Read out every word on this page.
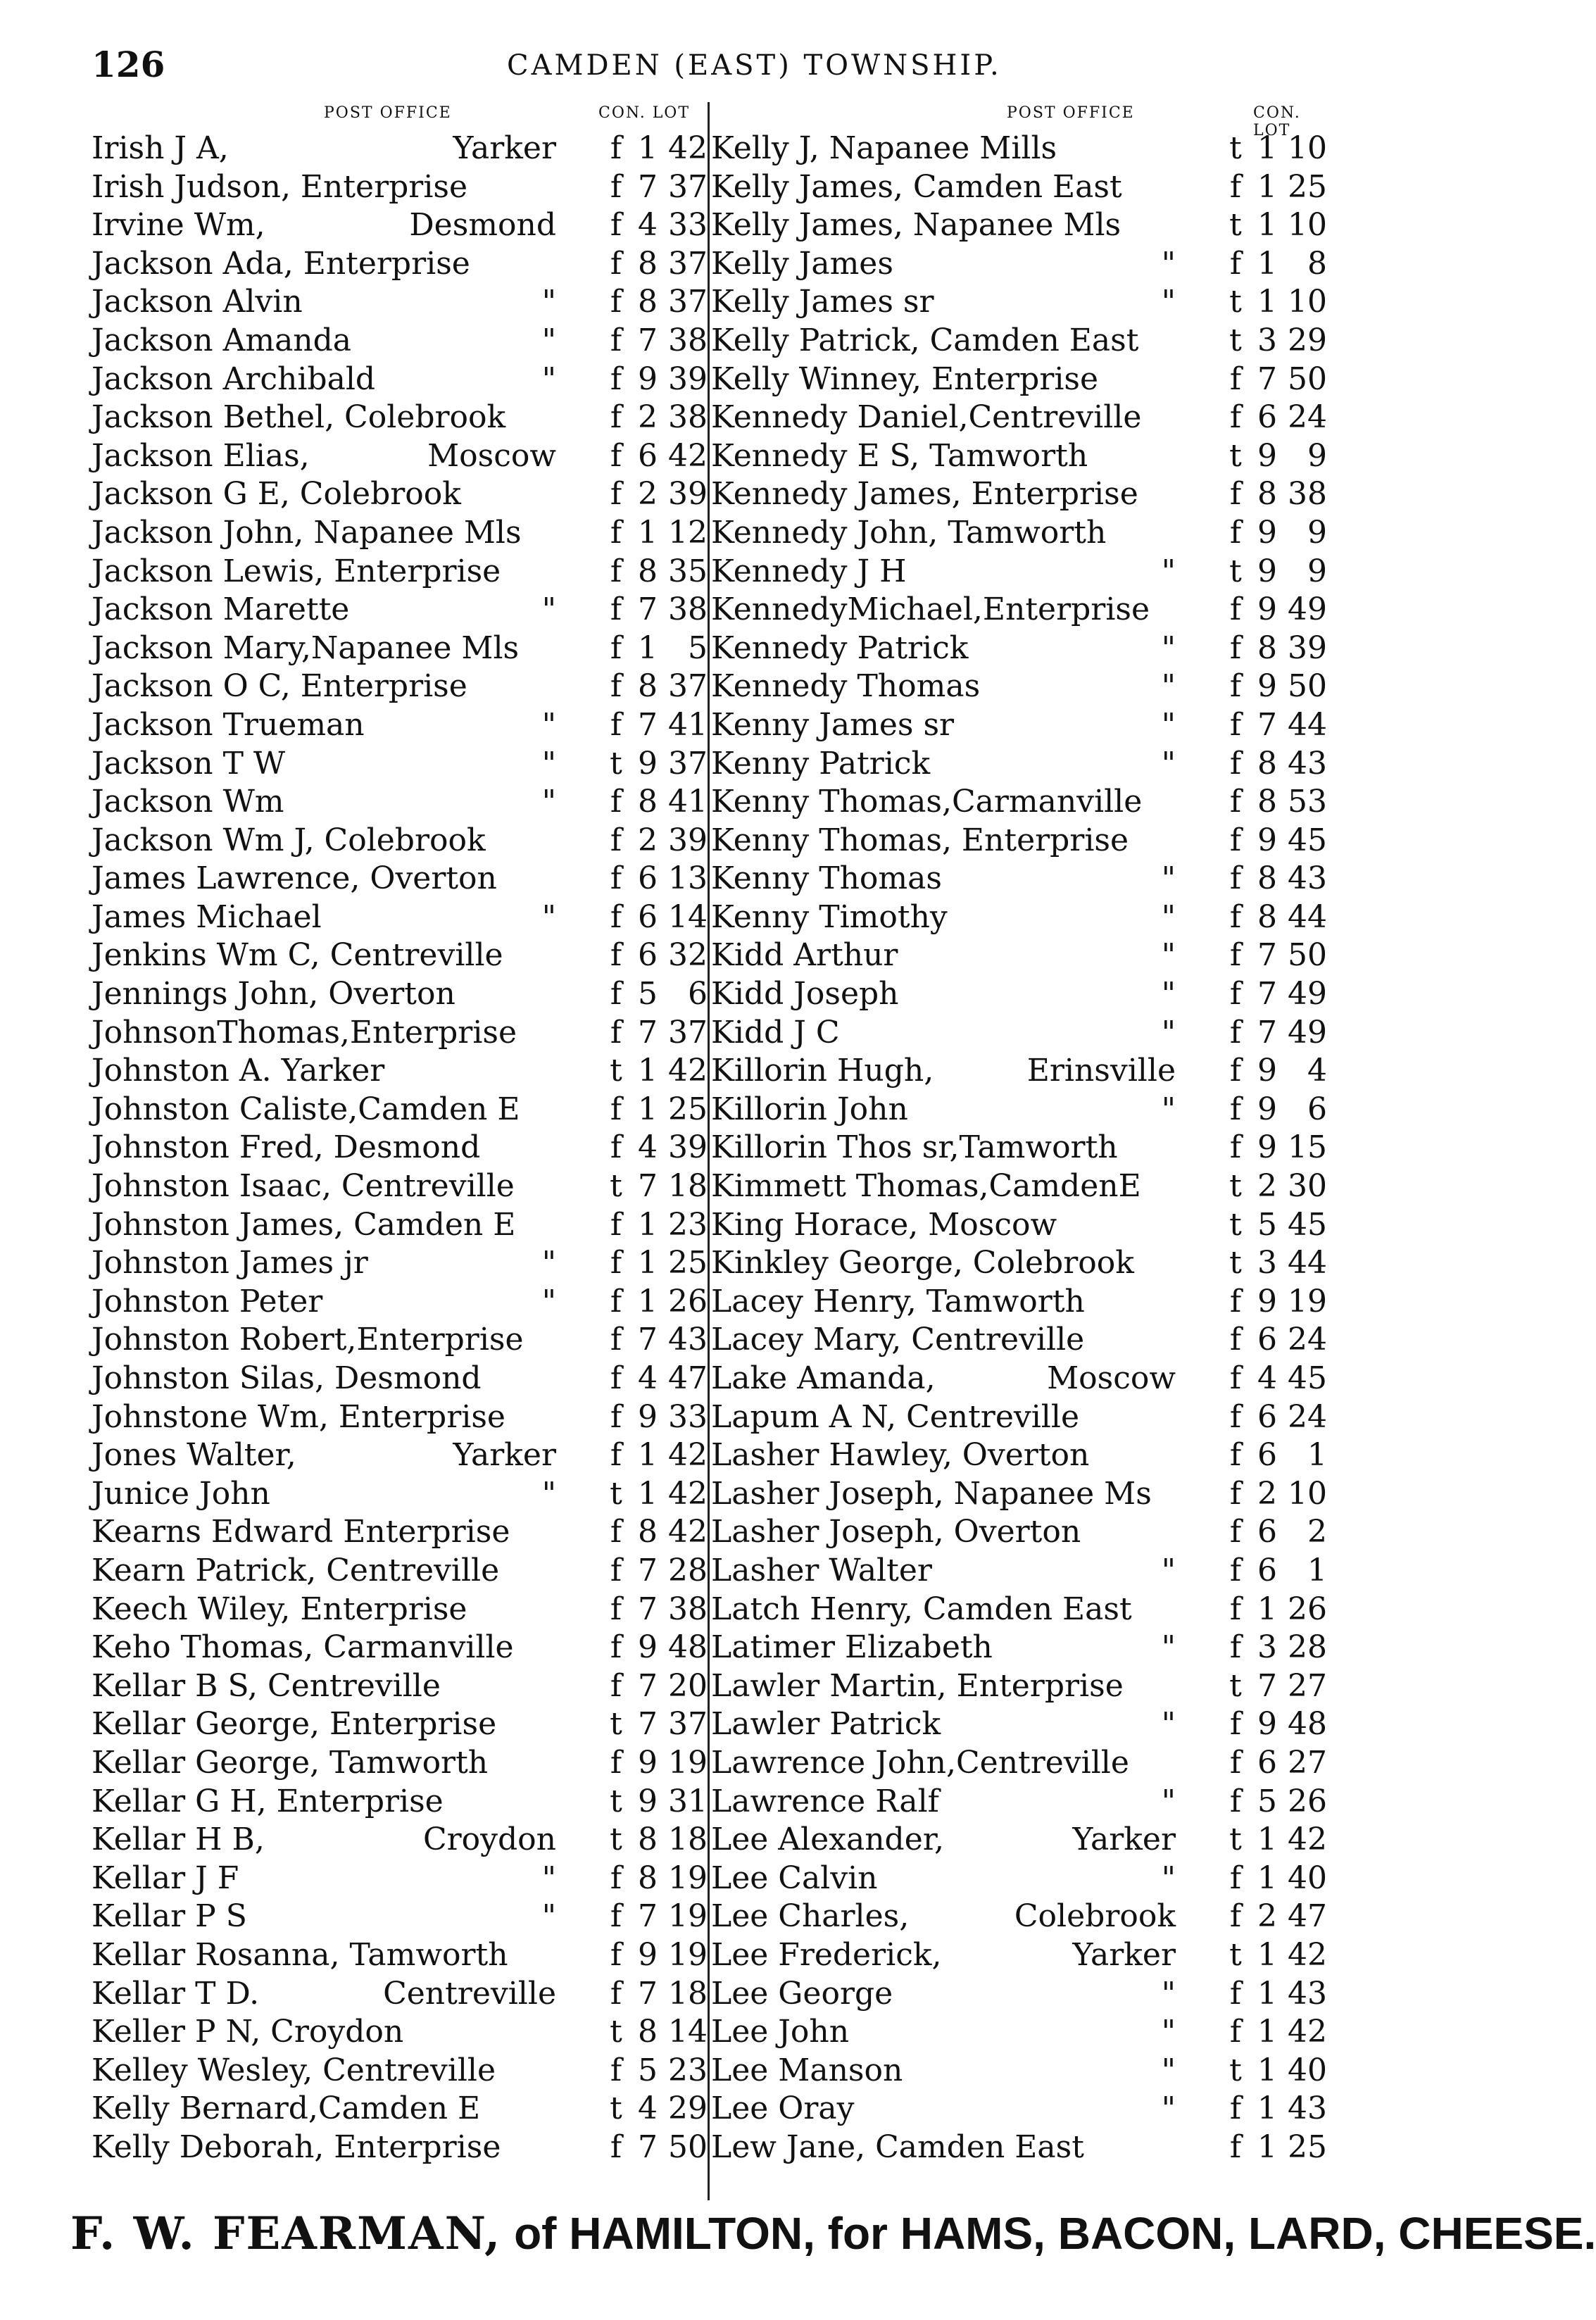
126	CAMDEN (EAST) TOWNSHIP.
POST OFFICE	CON. LOT
Irish J A,	Yarker f 1 42
Irish Judson, Enterprise	f 7 37
Irvine Wm,	Desmond f 4 33
Jackson Ada, Enterprise	f 8 37
Jackson Alvin	" f 8 37
Jackson Amanda	" f 7 38
Jackson Archibald	" f 9 39
Jackson Bethel, Colebrook	f 2 38
Jackson Elias,	Moscow f 6 42
Jackson G E, Colebrook	f 2 39
Jackson John, Napanee Mls	f 1 12
Jackson Lewis, Enterprise	f 8 35
Jackson Marette	" f 7 38
Jackson Mary,Napanee Mls	f 1 5
Jackson O C, Enterprise	f 8 37
Jackson Trueman	" f 7 41
Jackson T W	" t 9 37
Jackson Wm	" f 8 41
Jackson Wm J, Colebrook	f 2 39
James Lawrence, Overton	f 6 13
James Michael	" f 6 14
Jenkins Wm C, Centreville	f 6 32
Jennings John, Overton	f 5 6
JohnsonThomas,Enterprise	f 7 37
Johnston A. Yarker	t 1 42
Johnston Caliste,Camden E	f 1 25
Johnston Fred, Desmond	f 4 39
Johnston Isaac, Centreville	t 7 18
Johnston James, Camden E	f 1 23
Johnston James jr	" f 1 25
Johnston Peter	" f 1 26
Johnston Robert,Enterprise	f 7 43
Johnston Silas, Desmond	f 4 47
Johnstone Wm, Enterprise	f 9 33
Jones Walter,	Yarker f 1 42
Junice John	" t 1 42
Kearns Edward Enterprise	f 8 42
Kearn Patrick, Centreville	f 7 28
Keech Wiley, Enterprise	f 7 38
Keho Thomas, Carmanville	f 9 48
Kellar B S, Centreville	f 7 20
Kellar George, Enterprise	t 7 37
Kellar George, Tamworth	f 9 19
Kellar G H, Enterprise	t 9 31
Kellar H B,	Croydon t 8 18
Kellar J F	" f 8 19
Kellar P S	" f 7 19
Kellar Rosanna, Tamworth	f 9 19
Kellar T D.	Centreville f 7 18
Keller P N, Croydon	t 8 14
Kelley Wesley, Centreville	f 5 23
Kelly Bernard,Camden E	t 4 29
Kelly Deborah, Enterprise	f 7 50
POST OFFICE	CON. LOT
Kelly J, Napanee Mills	t 1 10
Kelly James, Camden East	f 1 25
Kelly James, Napanee Mls	t 1 10
Kelly James	" f 1 8
Kelly James sr	" t 1 10
Kelly Patrick, Camden East	t 3 29
Kelly Winney, Enterprise	f 7 50
Kennedy Daniel,Centreville	f 6 24
Kennedy E S, Tamworth	t 9 9
Kennedy James, Enterprise	f 8 38
Kennedy John, Tamworth	f 9 9
Kennedy J H	" t 9 9
KennedyMichael,Enterprise	f 9 49
Kennedy Patrick	" f 8 39
Kennedy Thomas	" f 9 50
Kenny James sr	" f 7 44
Kenny Patrick	" f 8 43
Kenny Thomas,Carmanville	f 8 53
Kenny Thomas, Enterprise	f 9 45
Kenny Thomas	" f 8 43
Kenny Timothy	" f 8 44
Kidd Arthur	" f 7 50
Kidd Joseph	" f 7 49
Kidd J C	" f 7 49
Killorin Hugh,	Erinsville f 9 4
Killorin John	" f 9 6
Killorin Thos sr,Tamworth	f 9 15
Kimmett Thomas,CamdenE	t 2 30
King Horace, Moscow	t 5 45
Kinkley George, Colebrook	t 3 44
Lacey Henry, Tamworth	f 9 19
Lacey Mary, Centreville	f 6 24
Lake Amanda,	Moscow f 4 45
Lapum A N, Centreville	f 6 24
Lasher Hawley, Overton	f 6 1
Lasher Joseph, Napanee Ms	f 2 10
Lasher Joseph, Overton	f 6 2
Lasher Walter	" f 6 1
Latch Henry, Camden East	f 1 26
Latimer Elizabeth	" f 3 28
Lawler Martin, Enterprise	t 7 27
Lawler Patrick	" f 9 48
Lawrence John,Centreville	f 6 27
Lawrence Ralf	" f 5 26
Lee Alexander,	Yarker t 1 42
Lee Calvin	" f 1 40
Lee Charles,	Colebrook f 2 47
Lee Frederick,	Yarker t 1 42
Lee George	" f 1 43
Lee John	" f 1 42
Lee Manson	" t 1 40
Lee Oray	" f 1 43
Lew Jane, Camden East	f 1 25
F. W. FEARMAN, of HAMILTON, for HAMS, BACON, LARD, CHEESE.
